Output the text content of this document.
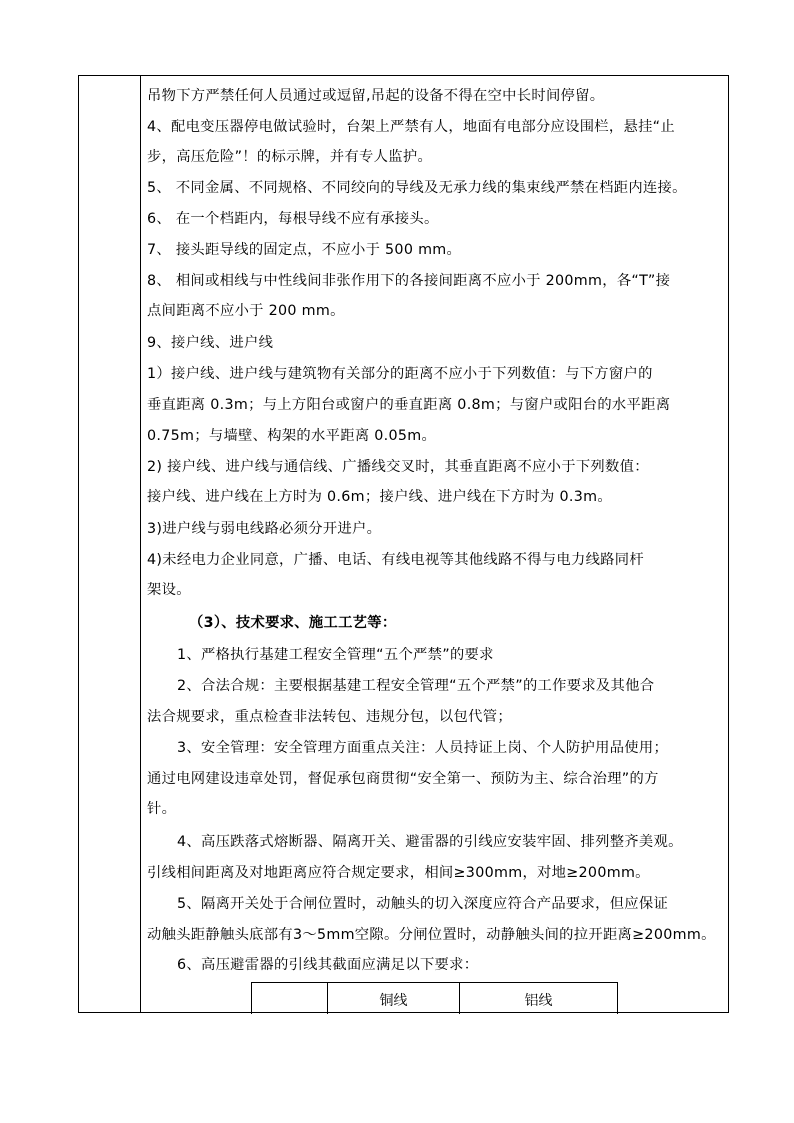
吊物下方严禁任何人员通过或逗留,吊起的设备不得在空中长时间停留。
4、配电变压器停电做试验时，台架上严禁有人，地面有电部分应设围栏，悬挂“止
步，高压危险”！的标示牌，并有专人监护。
5、 不同金属、不同规格、不同绞向的导线及无承力线的集束线严禁在档距内连接。
6、 在一个档距内，每根导线不应有承接头。
7、 接头距导线的固定点，不应小于 500 mm。
8、 相间或相线与中性线间非张作用下的各接间距离不应小于 200mm，各“T”接
点间距离不应小于 200 mm。
9、接户线、进户线
1）接户线、进户线与建筑物有关部分的距离不应小于下列数值：与下方窗户的
垂直距离 0.3m；与上方阳台或窗户的垂直距离 0.8m；与窗户或阳台的水平距离
0.75m；与墙壁、构架的水平距离 0.05m。
2) 接户线、进户线与通信线、广播线交叉时，其垂直距离不应小于下列数值：
接户线、进户线在上方时为 0.6m；接户线、进户线在下方时为 0.3m。
3)进户线与弱电线路必须分开进户。
4)未经电力企业同意，广播、电话、有线电视等其他线路不得与电力线路同杆
架设。
（3）、技术要求、施工工艺等：
1、严格执行基建工程安全管理“五个严禁”的要求
2、合法合规：主要根据基建工程安全管理“五个严禁”的工作要求及其他合
法合规要求，重点检查非法转包、违规分包，以包代管；
3、安全管理：安全管理方面重点关注：人员持证上岗、个人防护用品使用；
通过电网建设违章处罚，督促承包商贯彻“安全第一、预防为主、综合治理”的方
针。
4、高压跌落式熔断器、隔离开关、避雷器的引线应安装牢固、排列整齐美观。
引线相间距离及对地距离应符合规定要求，相间≥300mm，对地≥200mm。
5、隔离开关处于合闸位置时，动触头的切入深度应符合产品要求，但应保证
动触头距静触头底部有3～5mm空隙。分闸位置时，动静触头间的拉开距离≥200mm。
6、高压避雷器的引线其截面应满足以下要求：
铜线	铝线
